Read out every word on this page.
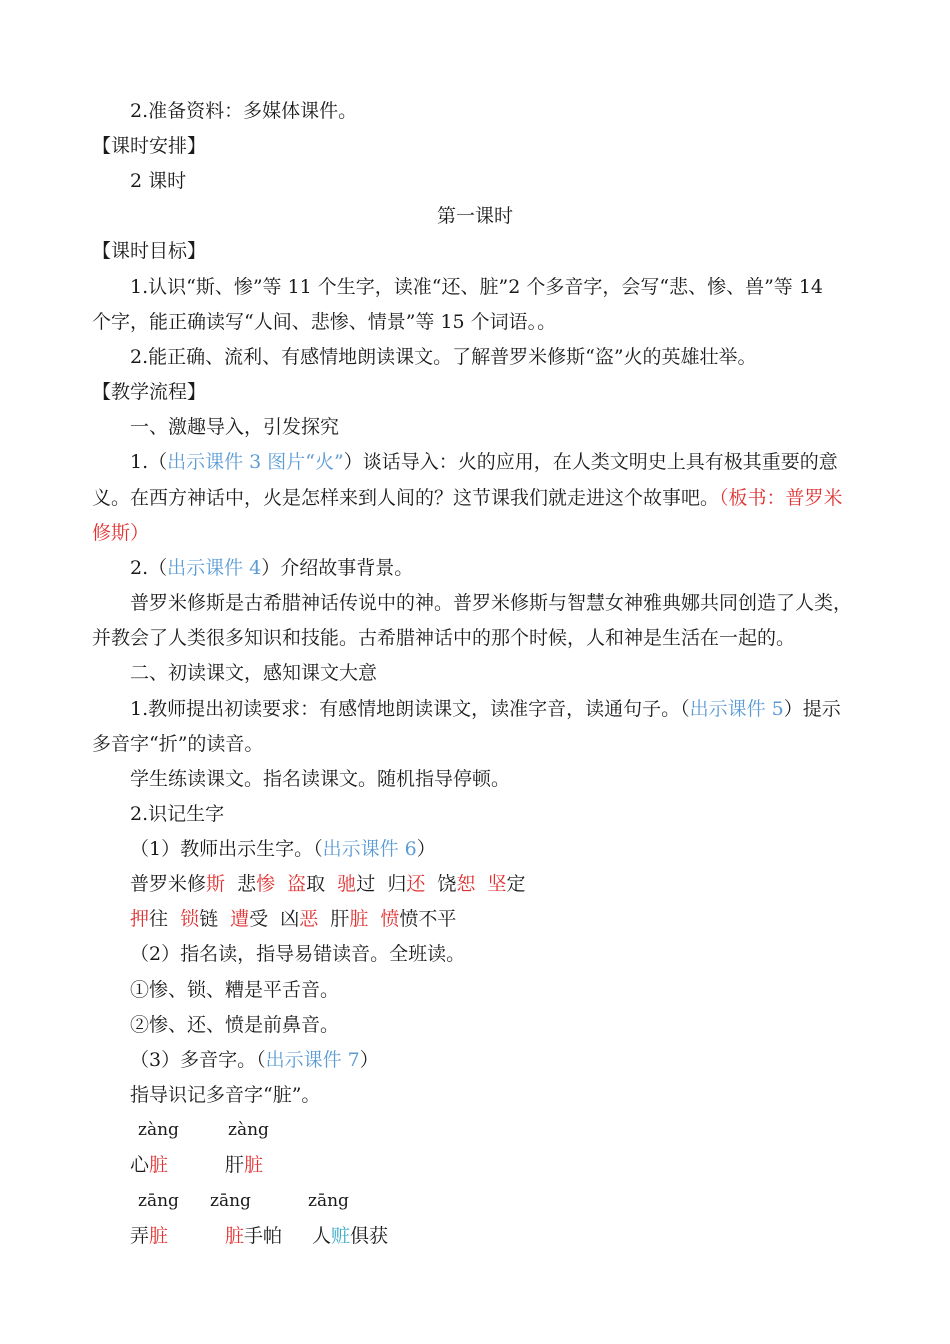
2.准备资料：多媒体课件。
【课时安排】
2 课时
第一课时
【课时目标】
1.认识“斯、惨”等 11 个生字，读准“还、脏”2 个多音字，会写“悲、惨、兽”等 14
个字，能正确读写“人间、悲惨、情景”等 15 个词语。。
2.能正确、流利、有感情地朗读课文。了解普罗米修斯“盗”火的英雄壮举。
【教学流程】
一、激趣导入，引发探究
1.（出示课件 3 图片“火”）谈话导入：火的应用，在人类文明史上具有极其重要的意
义。在西方神话中，火是怎样来到人间的？这节课我们就走进这个故事吧。（板书：普罗米
修斯）
2.（出示课件 4）介绍故事背景。
普罗米修斯是古希腊神话传说中的神。普罗米修斯与智慧女神雅典娜共同创造了人类，
并教会了人类很多知识和技能。古希腊神话中的那个时候，人和神是生活在一起的。
二、初读课文，感知课文大意
1.教师提出初读要求：有感情地朗读课文，读准字音，读通句子。（出示课件 5）提示
多音字“折”的读音。
学生练读课文。指名读课文。随机指导停顿。
2.识记生字
（1）教师出示生字。（出示课件 6）
普罗米修斯 悲惨 盗取 驰过 归还 饶恕 坚定
押往 锁链 遭受 凶恶 肝脏 愤愤不平
（2）指名读，指导易错读音。全班读。
①惨、锁、糟是平舌音。
②惨、还、愤是前鼻音。
（3）多音字。（出示课件 7）
指导识记多音字“脏”。
zàng	zàng
心脏	肝脏
zāng zāng	zāng
弄脏	脏手帕 人赃俱获
